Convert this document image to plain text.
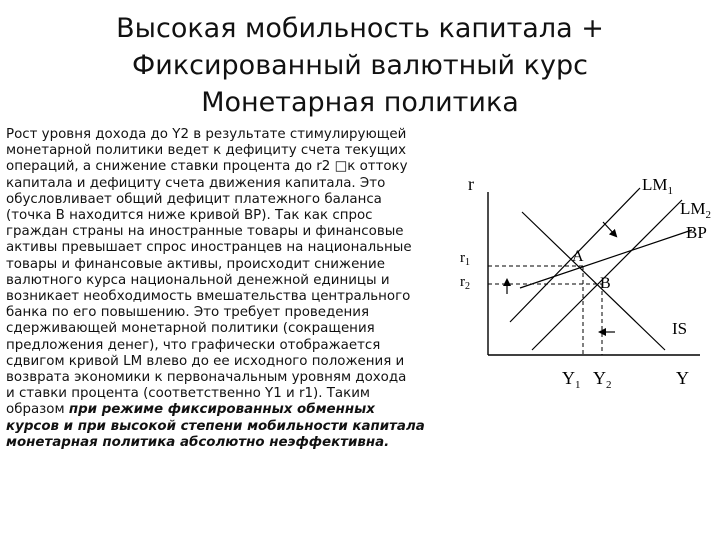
Высокая мобильность капитала +
Фиксированный валютный курс
Монетарная политика
Рост уровня дохода до Y2 в результате стимулирующей
монетарной политики ведет к дефициту счета текущих
операций, а снижение ставки процента до r2 □к оттоку
капитала и дефициту счета движения капитала. Это
обусловливает общий дефицит платежного баланса
(точка В находится ниже кривой ВР). Так как спрос
граждан страны на иностранные товары и финансовые
активы превышает спрос иностранцев на национальные
товары и финансовые активы, происходит снижение
валютного курса национальной денежной единицы и
возникает необходимость вмешательства центрального
банка по его повышению. Это требует проведения
сдерживающей монетарной политики (сокращения
предложения денег), что графически отображается
сдвигом кривой LM влево до ее исходного положения и
возврата экономики к первоначальным уровням дохода
и ставки процента (соответственно Y1 и r1). Таким
образом при режиме фиксированных обменных
курсов и при высокой степени мобильности капитала
монетарная политика абсолютно неэффективна.
r
Y
$r_1$
$r_2$
$Y_1$ $Y_2$
$LM_1$
$LM_2$
BP
IS
A
B
